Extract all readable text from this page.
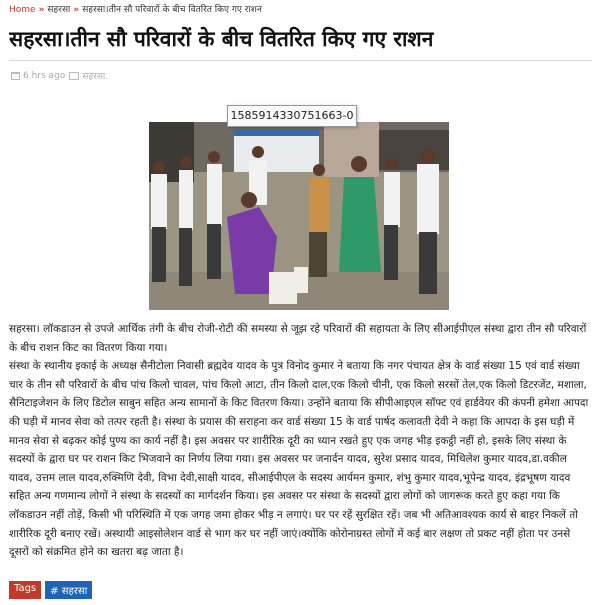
Home » सहरसा » सहरसा।तीन सौ परिवारों के बीच वितरित किए गए राशन
सहरसा।तीन सौ परिवारों के बीच वितरित किए गए राशन
6 hrs ago सहरसा.
1585914330751663-0

सहरसा। लॉकडाउन से उपजे आर्थिक तंगी के बीच रोजी-रोटी की समस्या से जूझ रहे परिवारों की सहायता के लिए सीआईपीएल संस्था द्वारा तीन सौ परिवारों के बीच राशन किट का वितरण किया गया।

संस्था के स्थानीय इकाई के अध्यक्ष सैनीटोला निवासी ब्रह्मदेव यादव के पुत्र विनोद कुमार ने बताया कि नगर पंचायत क्षेत्र के वार्ड संख्या 15 एवं वार्ड संख्या चार के तीन सौ परिवारों के बीच पांच किलो चावल, पांच किलो आटा, तीन किलो दाल,एक किलो चीनी, एक किलो सरसों तेल,एक किलो डिटरजेंट, मशाला, सैनिटाइजेशन के लिए डिटोल साबुन सहित अन्य सामानों के किट वितरण किया। उन्होंने बताया कि सीपीआइएल सॉफ्ट एवं हार्डवेयर की कंपनी हमेशा आपदा की घड़ी में मानव सेवा को तत्पर रहती है। संस्था के प्रयास की सराहना कर वार्ड संख्या 15 के वार्ड पार्षद कलावती देवी ने कहा कि आपदा के इस घड़ी में मानव सेवा से बढ़कर कोई पुण्य का कार्य नहीं है। इस अवसर पर शारीरिक दूरी का ध्यान रखते हुए एक जगह भीड़ इकट्ठी नहीं हो, इसके लिए संस्था के सदस्यों के द्वारा घर पर राशन किट भिजवाने का निर्णय लिया गया। इस अवसर पर जनार्दन यादव, सुरेश प्रसाद यादव, मिथिलेश कुमार यादव,डा.वकील यादव, उत्तम लाल यादव,रुक्मिणि देवी, विभा देवी,साक्षी यादव, सीआईपीएल के सदस्य आर्यमन कुमार, शंभु कुमार यादव,भूपेन्द्र यादव, इंद्रभूषण यादव सहित अन्य गणमान्य लोगों ने संस्था के सदस्यों का मार्गदर्शन किया। इस अवसर पर संस्था के सदस्यों द्वारा लोगों को जागरूक करते हुए कहा गया कि लॉकडाउन नहीं तोड़ें, किसी भी परिस्थिति में एक जगह जमा होकर भीड़ न लगाएं। घर पर रहें सुरक्षित रहें। जब भी अतिआवश्यक कार्य से बाहर निकलें तो शारीरिक दूरी बनाए रखें। अस्थायी आइसोलेशन वार्ड से भाग कर घर नहीं जाएं।क्योंकि कोरोनाग्रस्त लोगों में कई बार लक्षण तो प्रकट नहीं होता पर उनसे दूसरों को संक्रमित होने का खतरा बढ़ जाता है।

Tags	# सहरसा
